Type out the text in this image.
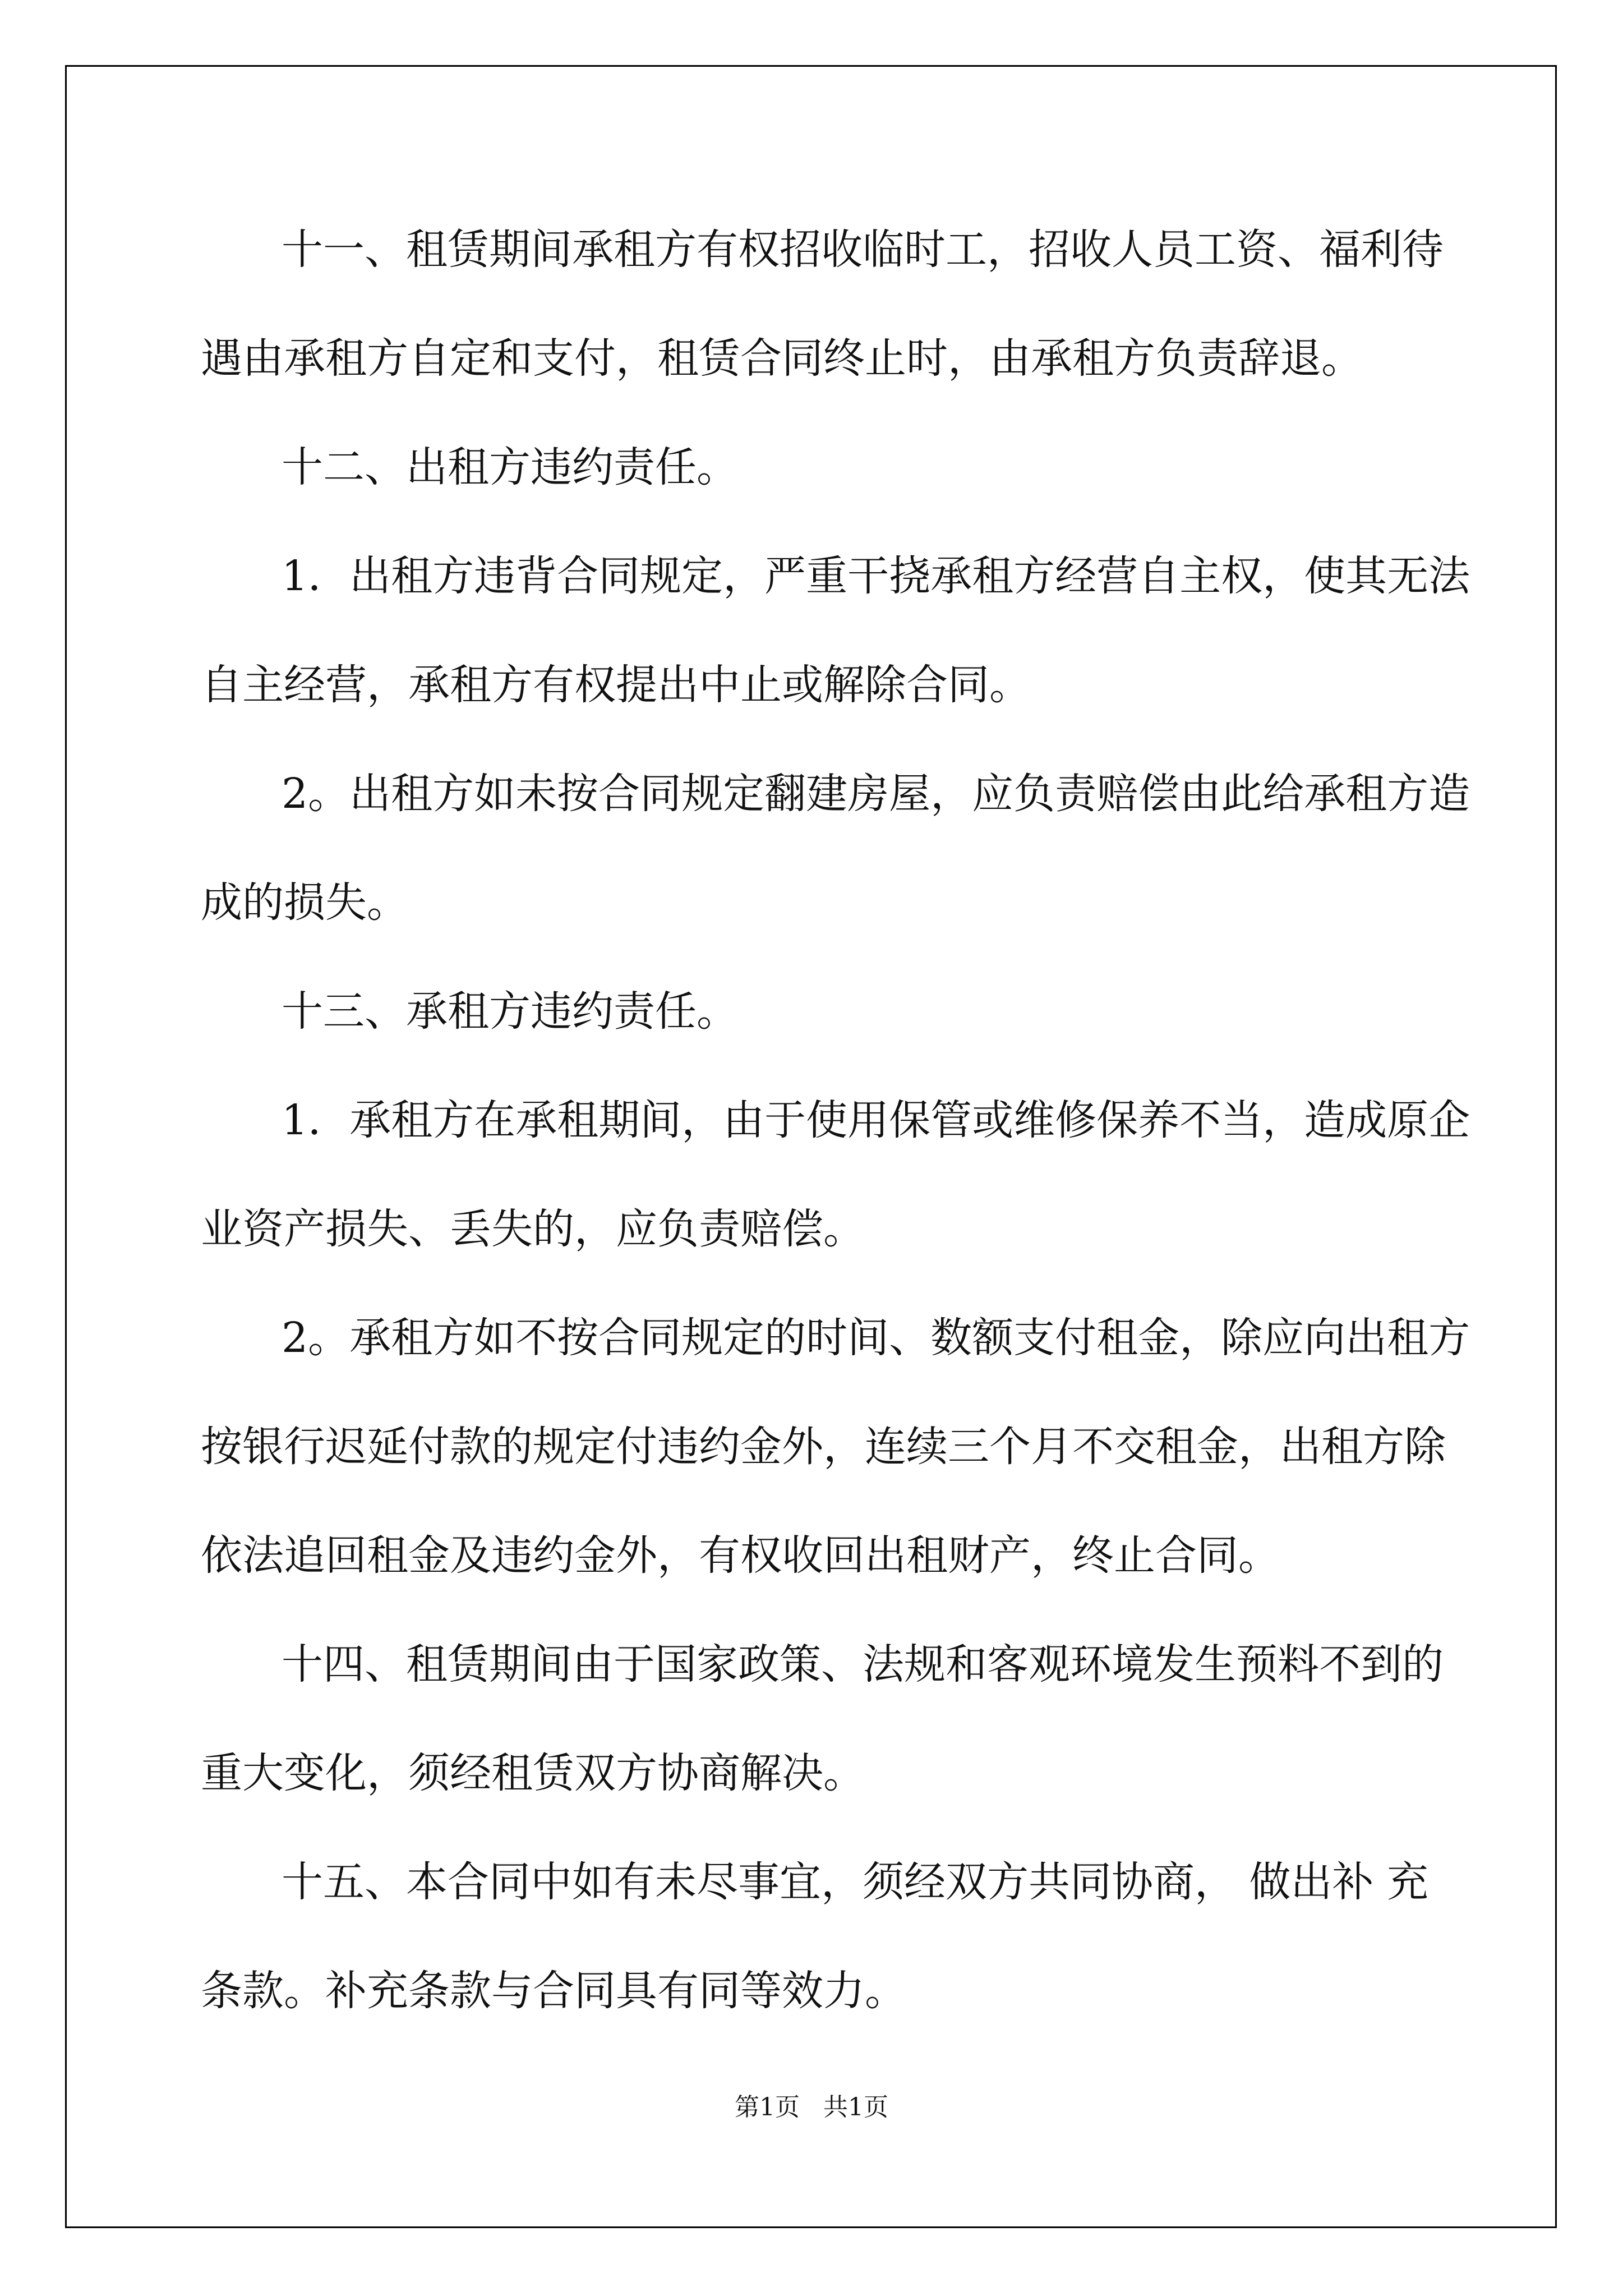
十一、租赁期间承租方有权招收临时工，招收人员工资、福利待
遇由承租方自定和支付，租赁合同终止时，由承租方负责辞退。
十二、出租方违约责任。
1．出租方违背合同规定，严重干挠承租方经营自主权，使其无法
自主经营，承租方有权提出中止或解除合同。
2。出租方如未按合同规定翻建房屋，应负责赔偿由此给承租方造
成的损失。
十三、承租方违约责任。
1．承租方在承租期间，由于使用保管或维修保养不当，造成原企
业资产损失、丢失的，应负责赔偿。
2。承租方如不按合同规定的时间、数额支付租金，除应向出租方
按银行迟延付款的规定付违约金外，连续三个月不交租金，出租方除
依法追回租金及违约金外，有权收回出租财产，终止合同。
十四、租赁期间由于国家政策、法规和客观环境发生预料不到的
重大变化，须经租赁双方协商解决。
十五、本合同中如有未尽事宜，须经双方共同协商， 做出补 充
条款。补充条款与合同具有同等效力。
第1页   共1页
